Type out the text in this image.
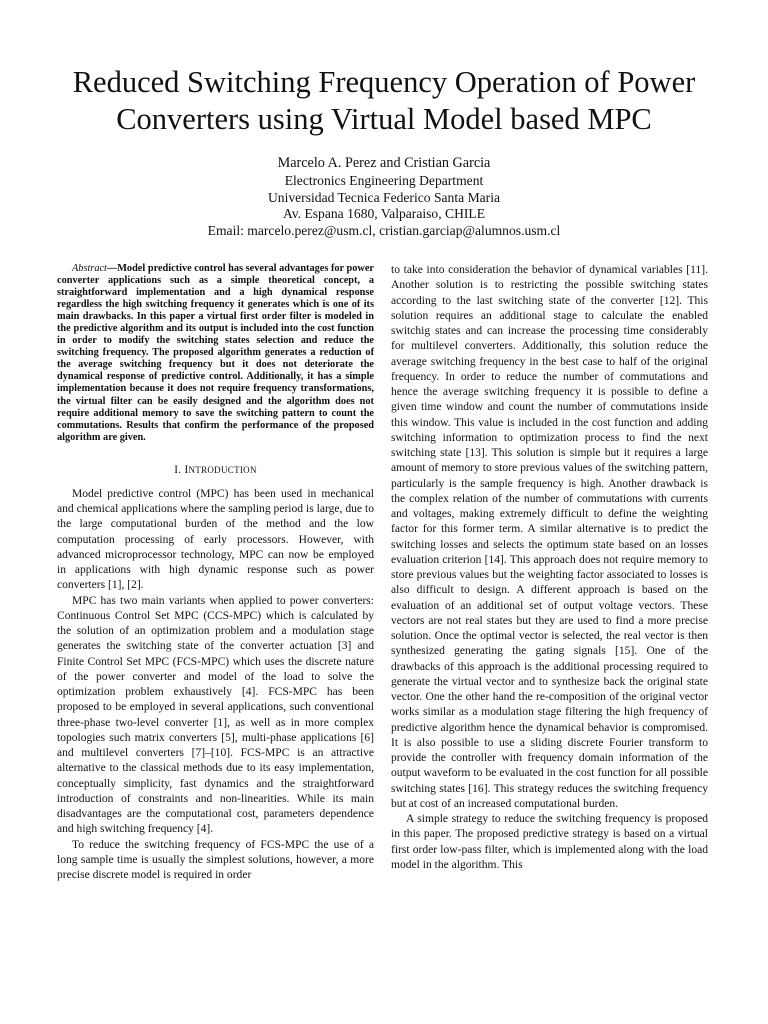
Reduced Switching Frequency Operation of Power
Converters using Virtual Model based MPC
Marcelo A. Perez and Cristian Garcia
Electronics Engineering Department
Universidad Tecnica Federico Santa Maria
Av. Espana 1680, Valparaiso, CHILE
Email: marcelo.perez@usm.cl, cristian.garciap@alumnos.usm.cl

Abstract—Model predictive control has several advantages for power converter applications such as a simple theoretical concept, a straightforward implementation and a high dynamical response regardless the high switching frequency it generates which is one of its main drawbacks. In this paper a virtual first order filter is modeled in the predictive algorithm and its output is included into the cost function in order to modify the switching states selection and reduce the switching frequency. The proposed algorithm generates a reduction of the average switching frequency but it does not deteriorate the dynamical response of predictive control. Additionally, it has a simple implementation because it does not require frequency transformations, the virtual filter can be easily designed and the algorithm does not require additional memory to save the switching pattern to count the commutations. Results that confirm the performance of the proposed algorithm are given.

I. INTRODUCTION

Model predictive control (MPC) has been used in mechanical and chemical applications where the sampling period is large, due to the large computational burden of the method and the low computation processing of early processors. However, with advanced microprocessor technology, MPC can now be employed in applications with high dynamic response such as power converters [1], [2].

MPC has two main variants when applied to power converters: Continuous Control Set MPC (CCS-MPC) which is calculated by the solution of an optimization problem and a modulation stage generates the switching state of the converter actuation [3] and Finite Control Set MPC (FCS-MPC) which uses the discrete nature of the power converter and model of the load to solve the optimization problem exhaustively [4]. FCS-MPC has been proposed to be employed in several applications, such conventional three-phase two-level converter [1], as well as in more complex topologies such matrix converters [5], multi-phase applications [6] and multilevel converters [7]–[10]. FCS-MPC is an attractive alternative to the classical methods due to its easy implementation, conceptually simplicity, fast dynamics and the straightforward introduction of constraints and non-linearities. While its main disadvantages are the computational cost, parameters dependence and high switching frequency [4].

To reduce the switching frequency of FCS-MPC the use of a long sample time is usually the simplest solutions, however, a more precise discrete model is required in order

to take into consideration the behavior of dynamical variables [11]. Another solution is to restricting the possible switching states according to the last switching state of the converter [12]. This solution requires an additional stage to calculate the enabled switchig states and can increase the processing time considerably for multilevel converters. Additionally, this solution reduce the average switching frequency in the best case to half of the original frequency. In order to reduce the number of commutations and hence the average switching frequency it is possible to define a given time window and count the number of commutations inside this window. This value is included in the cost function and adding switching information to optimization process to find the next switching state [13]. This solution is simple but it requires a large amount of memory to store previous values of the switching pattern, particularly is the sample frequency is high. Another drawback is the complex relation of the number of commutations with currents and voltages, making extremely difficult to define the weighting factor for this former term. A similar alternative is to predict the switching losses and selects the optimum state based on an losses evaluation criterion [14]. This approach does not require memory to store previous values but the weighting factor associated to losses is also difficult to design. A different approach is based on the evaluation of an additional set of output voltage vectors. These vectors are not real states but they are used to find a more precise solution. Once the optimal vector is selected, the real vector is then synthesized generating the gating signals [15]. One of the drawbacks of this approach is the additional processing required to generate the virtual vector and to synthesize back the original state vector. One the other hand the re-composition of the original vector works similar as a modulation stage filtering the high frequency of predictive algorithm hence the dynamical behavior is compromised. It is also possible to use a sliding discrete Fourier transform to provide the controller with frequency domain information of the output waveform to be evaluated in the cost function for all possible switching states [16]. This strategy reduces the switching frequency but at cost of an increased computational burden.

A simple strategy to reduce the switching frequency is proposed in this paper. The proposed predictive strategy is based on a virtual first order low-pass filter, which is implemented along with the load model in the algorithm. This
